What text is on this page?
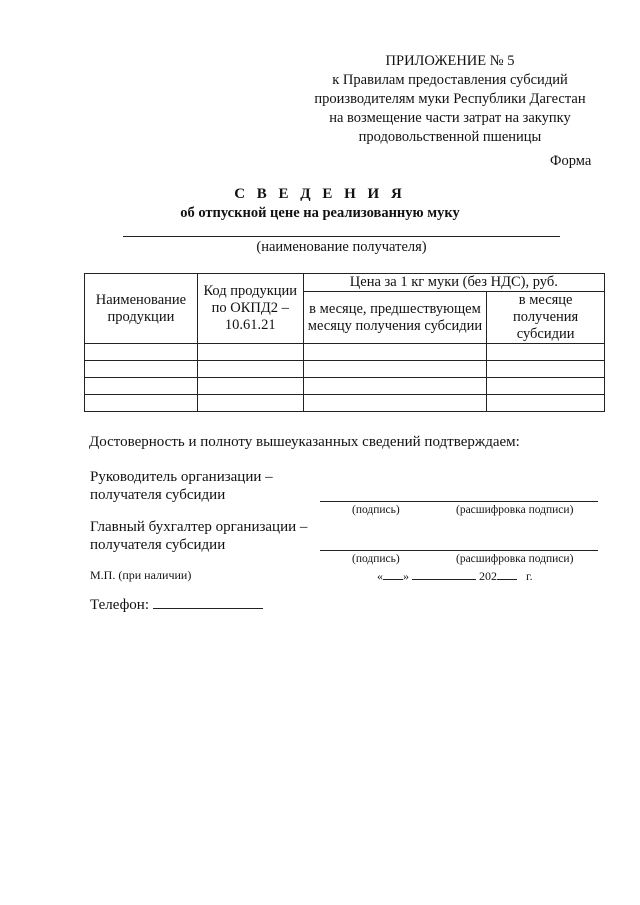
ПРИЛОЖЕНИЕ № 5
к Правилам предоставления субсидий
производителям муки Республики Дагестан
на возмещение части затрат на закупку
продовольственной пшеницы
Форма
С В Е Д Е Н И Я
об отпускной цене на реализованную муку
(наименование получателя)
Наименование продукции	Код продукции по ОКПД2 – 10.61.21	Цена за 1 кг муки (без НДС), руб.	
		в месяце, предшествующем месяцу получения субсидии	в месяце получения субсидии

Достоверность и полноту вышеуказанных сведений подтверждаем:
Руководитель организации –
получателя субсидии
(подпись)	(расшифровка подписи)
Главный бухгалтер организации –
получателя субсидии
(подпись)	(расшифровка подписи)
М.П. (при наличии)	« »	202 г.
Телефон:
